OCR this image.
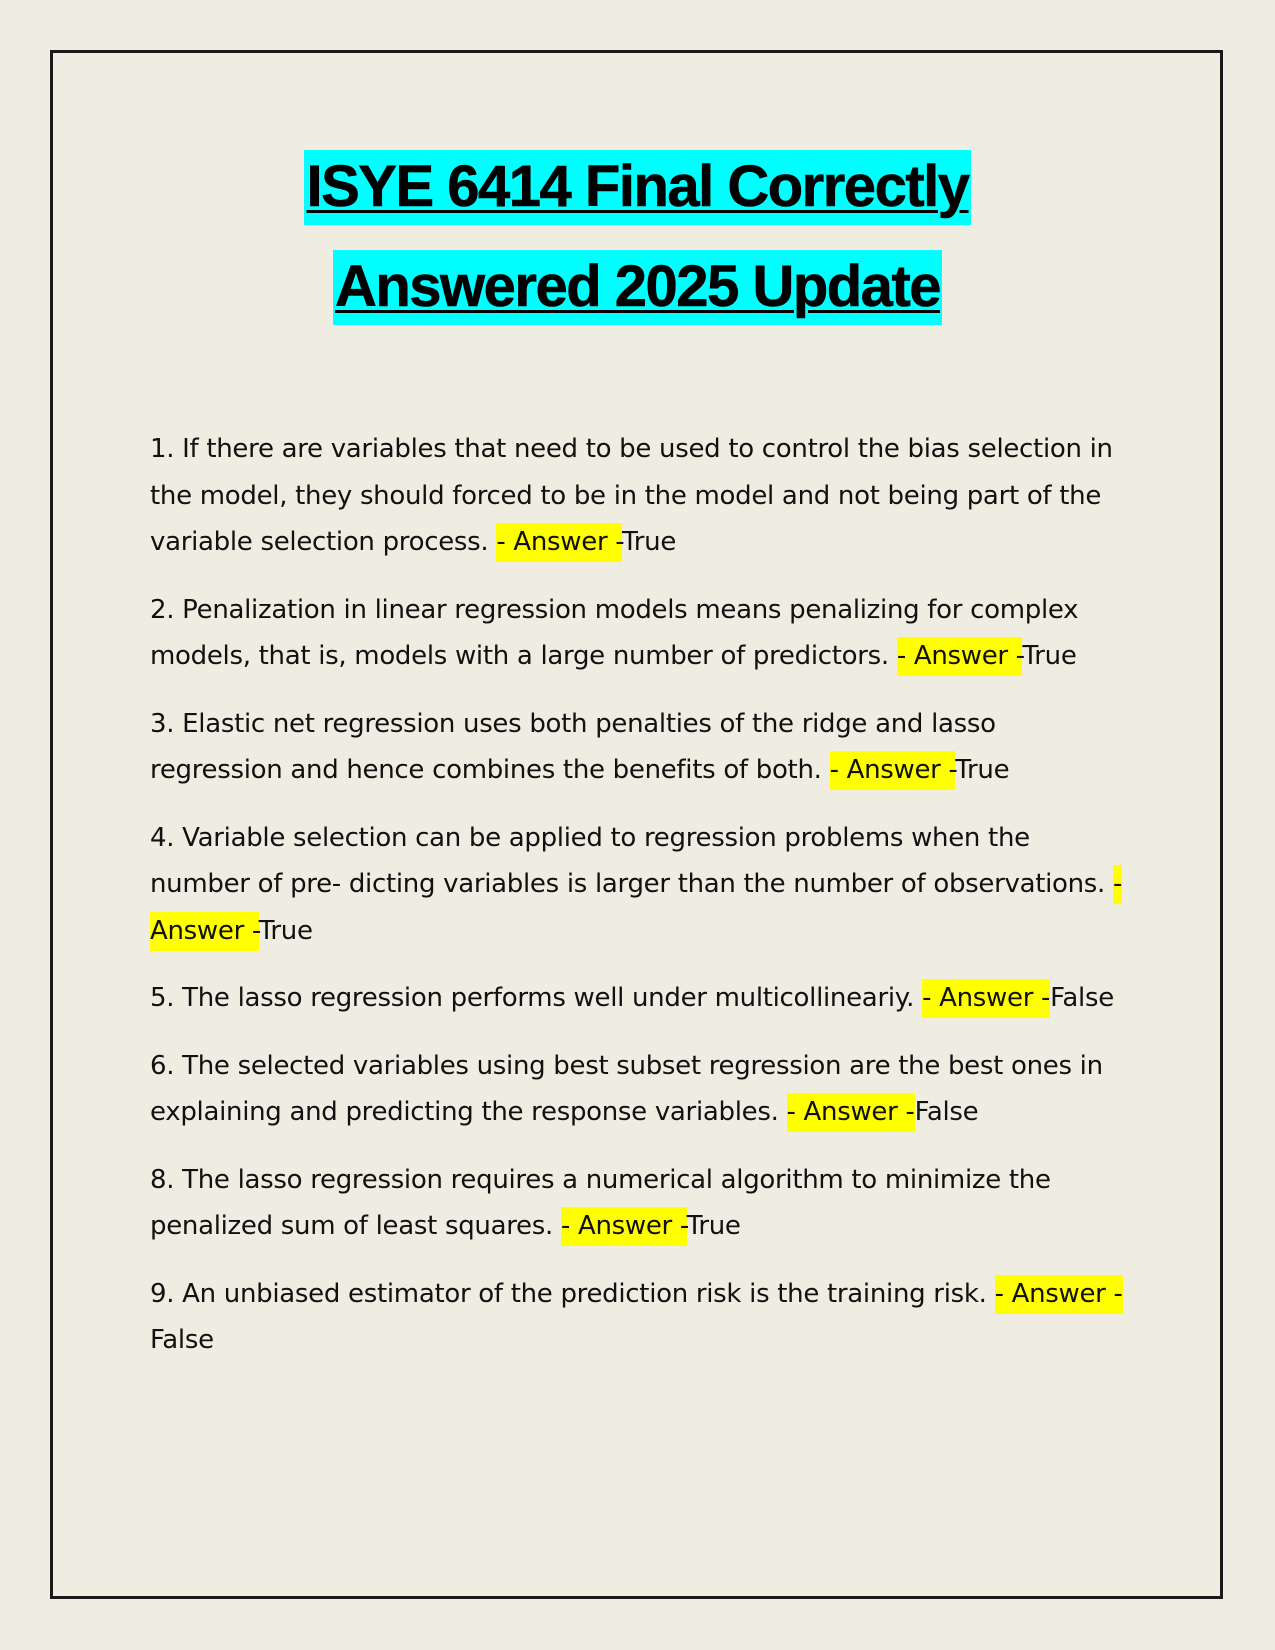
ISYE 6414 Final Correctly
Answered 2025 Update

1. If there are variables that need to be used to control the bias selection in the model, they should forced to be in the model and not being part of the variable selection process. - Answer -True

2. Penalization in linear regression models means penalizing for complex models, that is, models with a large number of predictors. - Answer -True

3. Elastic net regression uses both penalties of the ridge and lasso regression and hence combines the benefits of both. - Answer -True

4. Variable selection can be applied to regression problems when the number of pre- dicting variables is larger than the number of observations. - Answer -True

5. The lasso regression performs well under multicollineariy. - Answer -False

6. The selected variables using best subset regression are the best ones in explaining and predicting the response variables. - Answer -False

8. The lasso regression requires a numerical algorithm to minimize the penalized sum of least squares. - Answer -True

9. An unbiased estimator of the prediction risk is the training risk. - Answer -False
